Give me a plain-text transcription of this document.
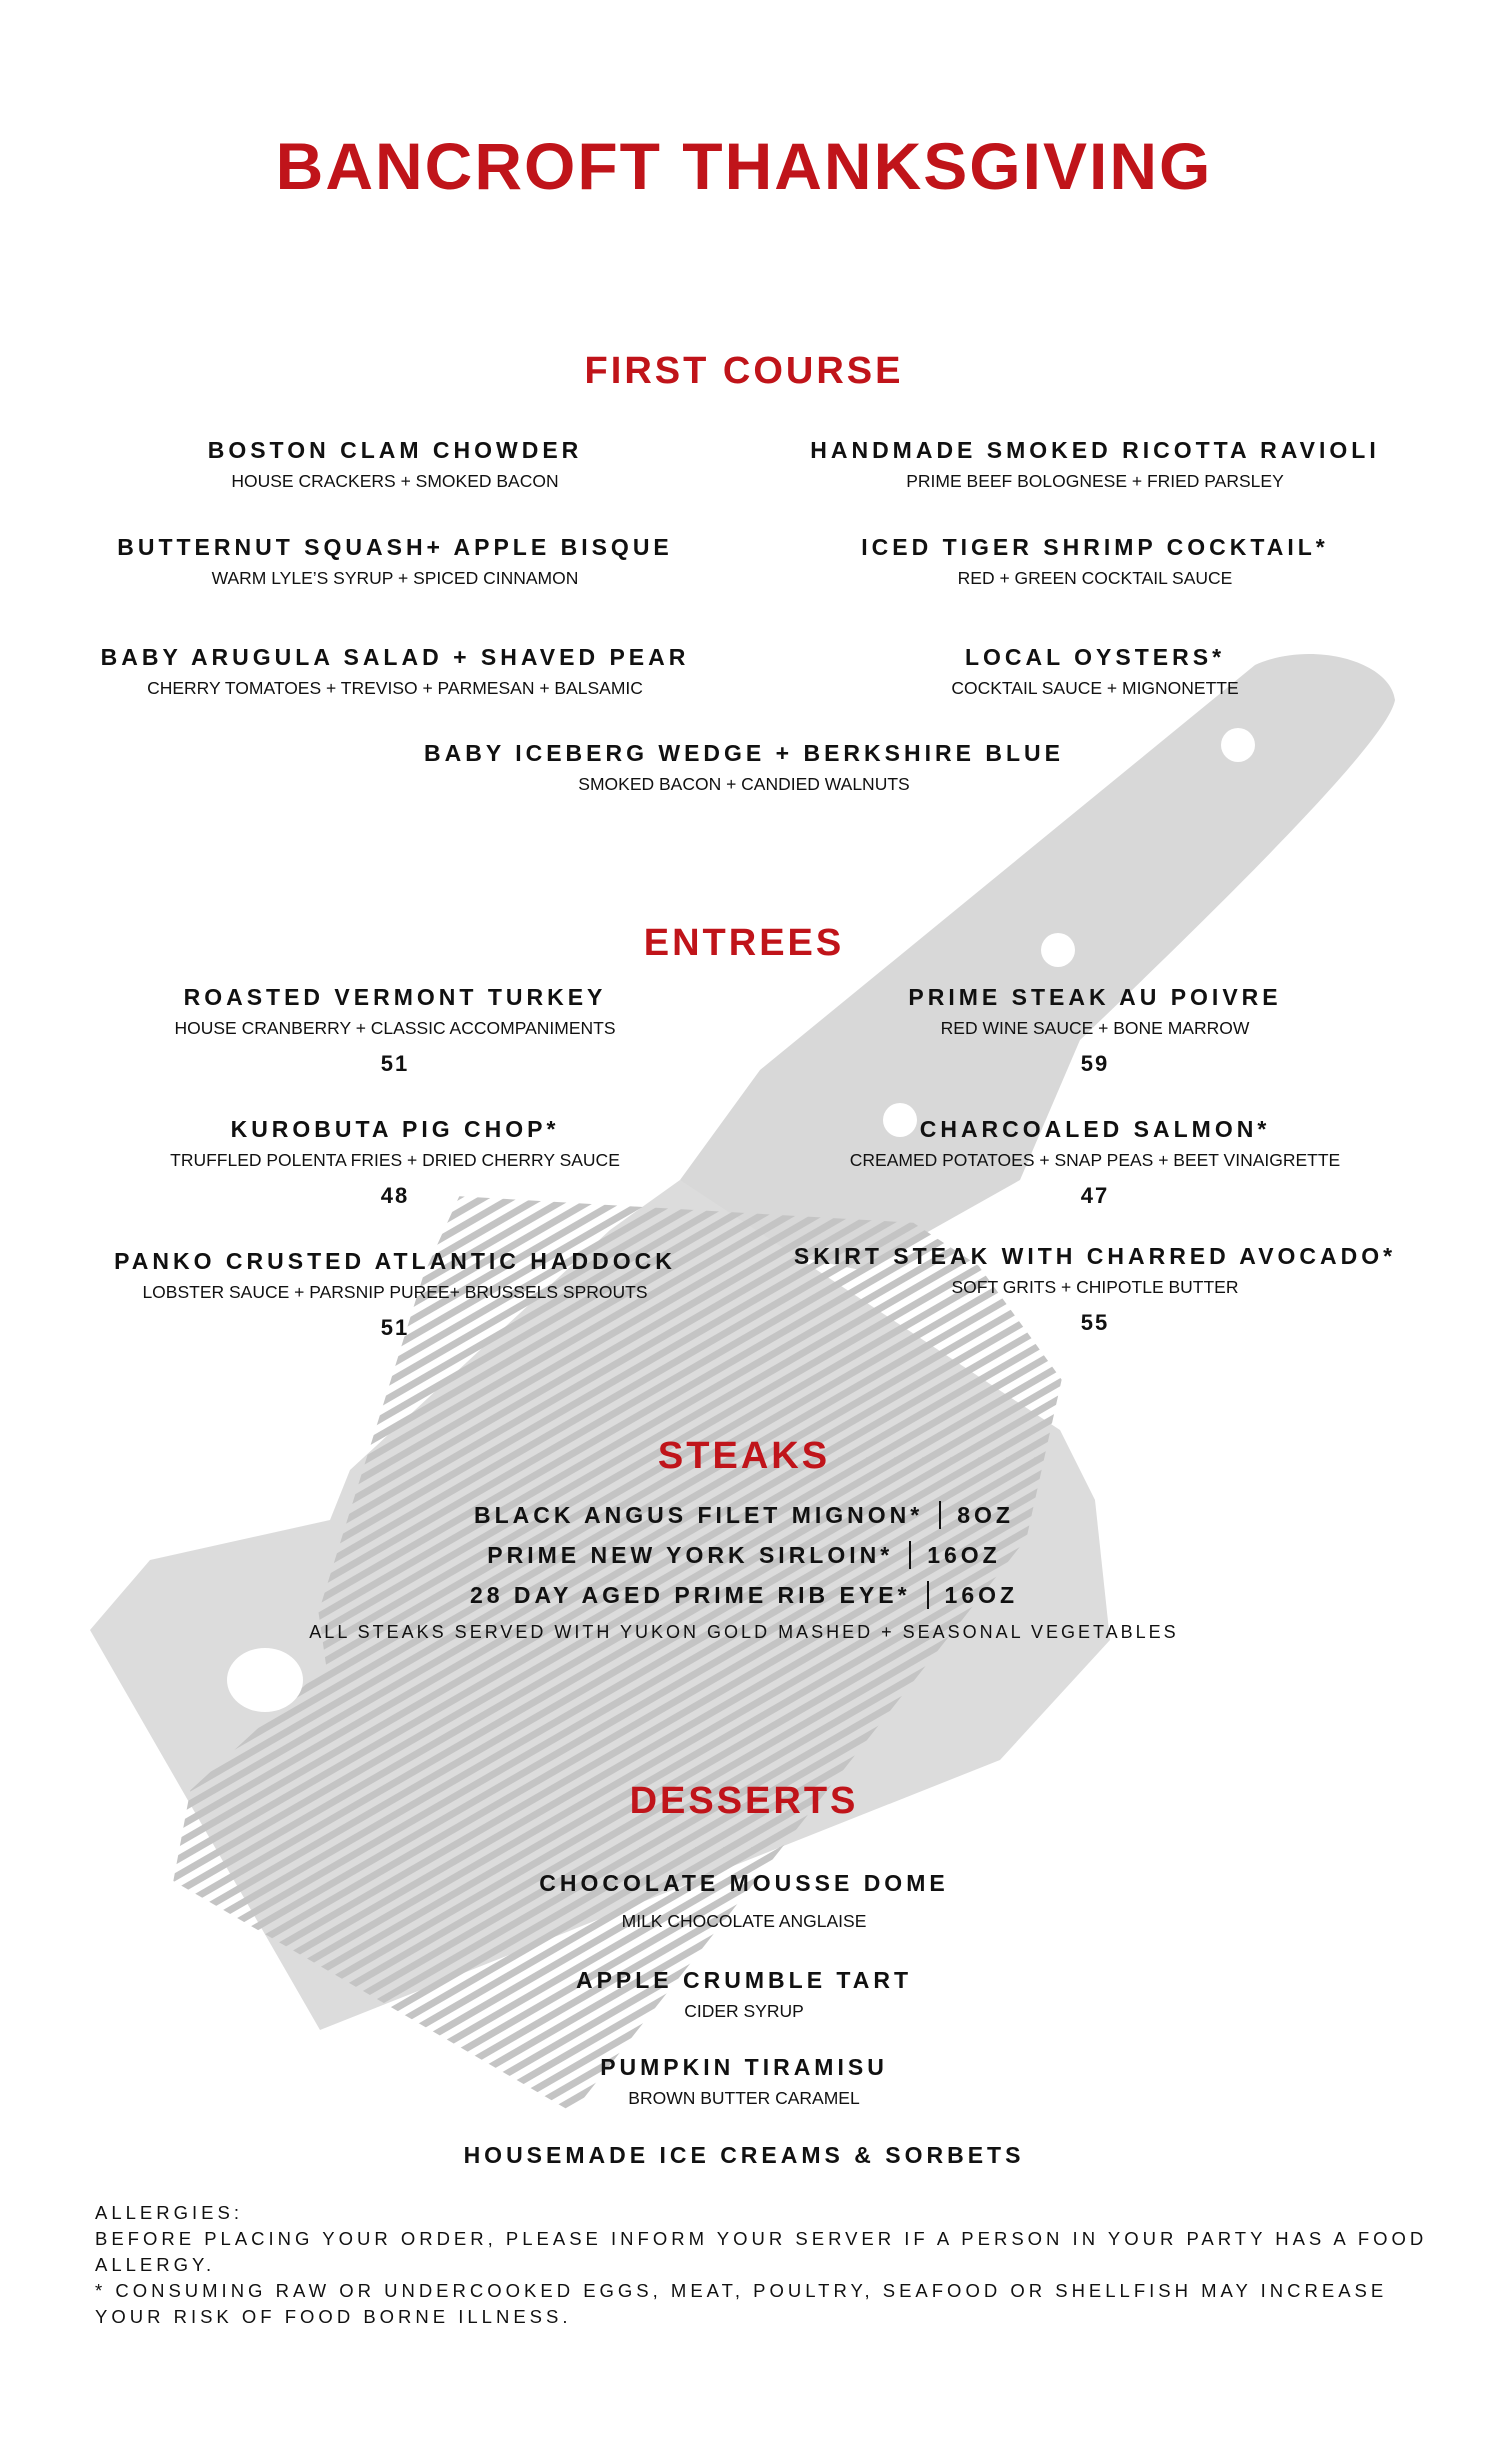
BANCROFT THANKSGIVING
FIRST COURSE
BOSTON CLAM CHOWDER
HOUSE CRACKERS + SMOKED BACON
HANDMADE SMOKED RICOTTA RAVIOLI
PRIME BEEF BOLOGNESE + FRIED PARSLEY
BUTTERNUT SQUASH+ APPLE BISQUE
WARM LYLE’S SYRUP + SPICED CINNAMON
ICED TIGER SHRIMP COCKTAIL*
RED + GREEN COCKTAIL SAUCE
BABY ARUGULA SALAD + SHAVED PEAR
CHERRY TOMATOES + TREVISO + PARMESAN + BALSAMIC
LOCAL OYSTERS*
COCKTAIL SAUCE + MIGNONETTE
BABY ICEBERG WEDGE + BERKSHIRE BLUE
SMOKED BACON + CANDIED WALNUTS
ENTREES
ROASTED VERMONT TURKEY
HOUSE CRANBERRY + CLASSIC ACCOMPANIMENTS
51
PRIME STEAK AU POIVRE
RED WINE SAUCE + BONE MARROW
59
KUROBUTA PIG CHOP*
TRUFFLED POLENTA FRIES + DRIED CHERRY SAUCE
48
CHARCOALED SALMON*
CREAMED POTATOES + SNAP PEAS + BEET VINAIGRETTE
47
PANKO CRUSTED ATLANTIC HADDOCK
LOBSTER SAUCE + PARSNIP PUREE+ BRUSSELS SPROUTS
51
SKIRT STEAK WITH CHARRED AVOCADO*
SOFT GRITS + CHIPOTLE BUTTER
55
STEAKS
BLACK ANGUS FILET MIGNON* 8OZ
PRIME NEW YORK SIRLOIN* 16OZ
28 DAY AGED PRIME RIB EYE* 16OZ
ALL STEAKS SERVED WITH YUKON GOLD MASHED + SEASONAL VEGETABLES
DESSERTS
CHOCOLATE MOUSSE DOME
MILK CHOCOLATE ANGLAISE
APPLE CRUMBLE TART
CIDER SYRUP
PUMPKIN TIRAMISU
BROWN BUTTER CARAMEL
HOUSEMADE ICE CREAMS & SORBETS
ALLERGIES:
BEFORE PLACING YOUR ORDER, PLEASE INFORM YOUR SERVER IF A PERSON IN YOUR PARTY HAS A FOOD
ALLERGY.
* CONSUMING RAW OR UNDERCOOKED EGGS, MEAT, POULTRY, SEAFOOD OR SHELLFISH MAY INCREASE
YOUR RISK OF FOOD BORNE ILLNESS.
